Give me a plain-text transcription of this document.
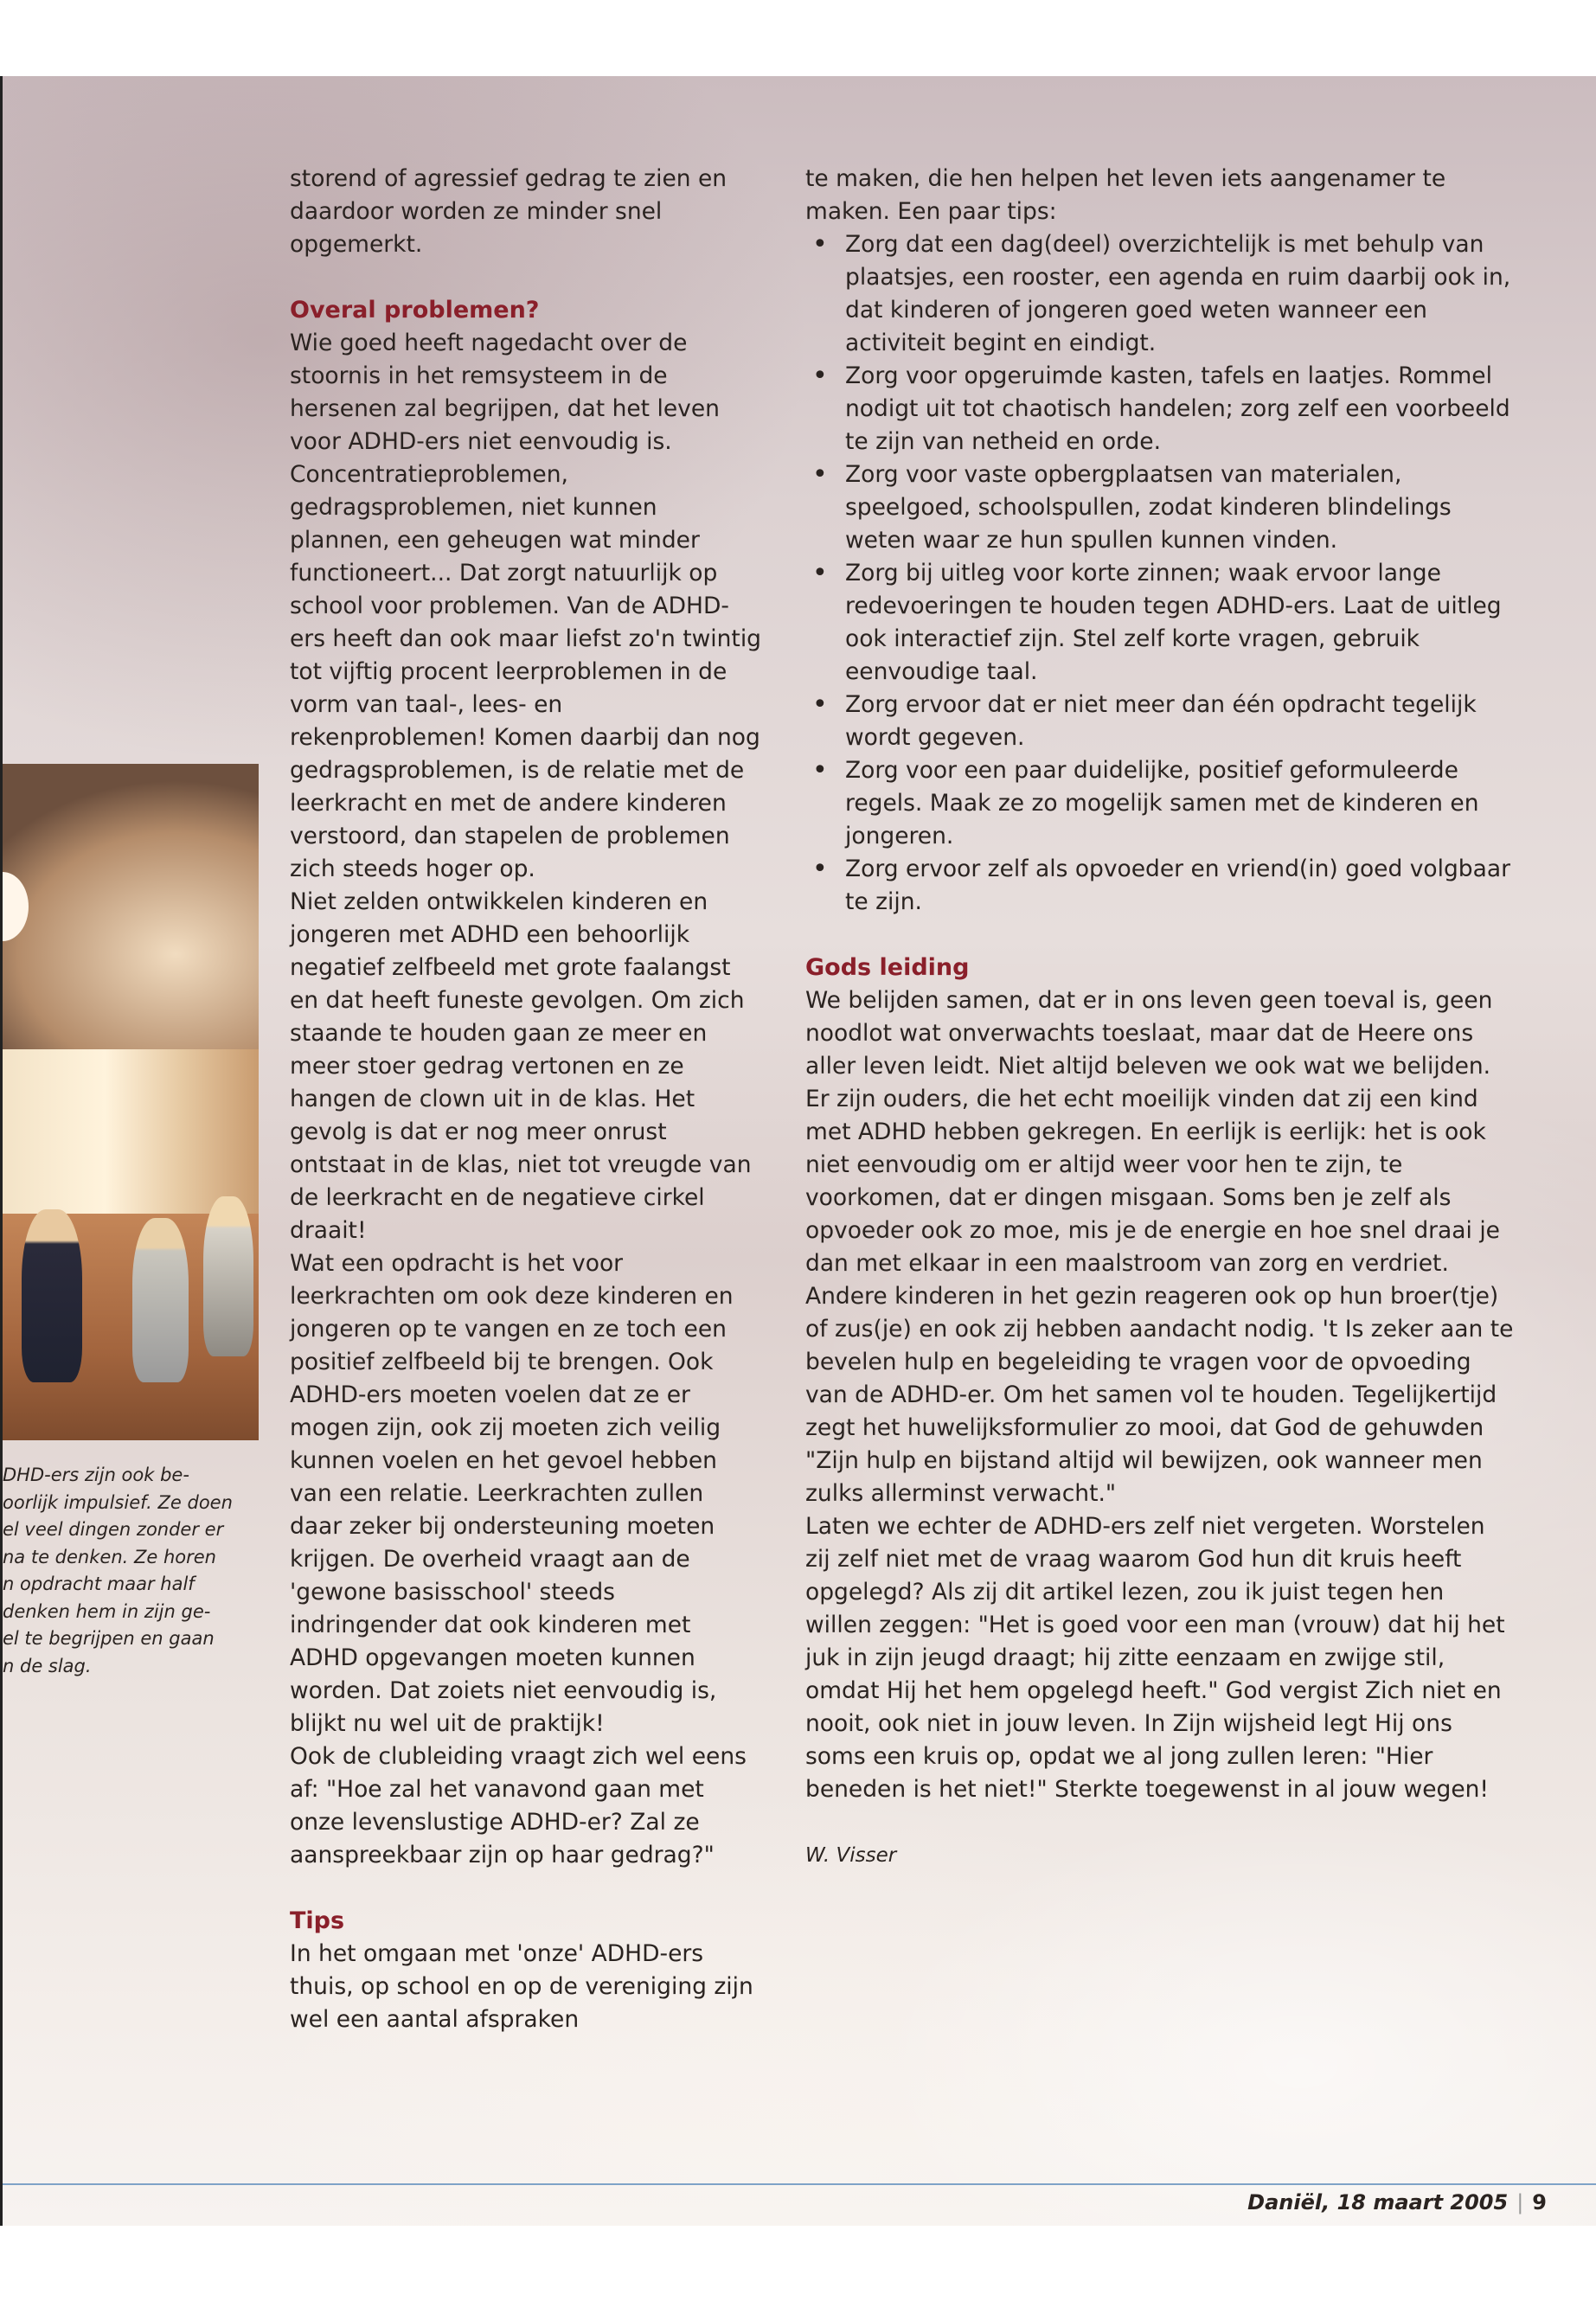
DHD-ers zijn ook be-
oorlijk impulsief. Ze doen
el veel dingen zonder er
na te denken. Ze horen
n opdracht maar half
denken hem in zijn ge-
el te begrijpen en gaan
n de slag.

storend of agressief gedrag te zien en daardoor worden ze minder snel opgemerkt.

Overal problemen?

Wie goed heeft nagedacht over de stoornis in het remsysteem in de hersenen zal begrijpen, dat het leven voor ADHD-ers niet eenvoudig is. Concentratieproblemen, gedragsproblemen, niet kunnen plannen, een geheugen wat minder functioneert... Dat zorgt natuurlijk op school voor problemen. Van de ADHD-ers heeft dan ook maar liefst zo'n twintig tot vijftig procent leerproblemen in de vorm van taal-, lees- en rekenproblemen! Komen daarbij dan nog gedragsproblemen, is de relatie met de leerkracht en met de andere kinderen verstoord, dan stapelen de problemen zich steeds hoger op.

Niet zelden ontwikkelen kinderen en jongeren met ADHD een behoorlijk negatief zelfbeeld met grote faalangst en dat heeft funeste gevolgen. Om zich staande te houden gaan ze meer en meer stoer gedrag vertonen en ze hangen de clown uit in de klas. Het gevolg is dat er nog meer onrust ontstaat in de klas, niet tot vreugde van de leerkracht en de negatieve cirkel draait!

Wat een opdracht is het voor leerkrachten om ook deze kinderen en jongeren op te vangen en ze toch een positief zelfbeeld bij te brengen. Ook ADHD-ers moeten voelen dat ze er mogen zijn, ook zij moeten zich veilig kunnen voelen en het gevoel hebben van een relatie. Leerkrachten zullen daar zeker bij ondersteuning moeten krijgen. De overheid vraagt aan de 'gewone basisschool' steeds indringender dat ook kinderen met ADHD opgevangen moeten kunnen worden. Dat zoiets niet eenvoudig is, blijkt nu wel uit de praktijk!

Ook de clubleiding vraagt zich wel eens af: "Hoe zal het vanavond gaan met onze levenslustige ADHD-er? Zal ze aanspreekbaar zijn op haar gedrag?"

Tips

In het omgaan met 'onze' ADHD-ers thuis, op school en op de vereniging zijn wel een aantal afspraken

te maken, die hen helpen het leven iets aangenamer te maken. Een paar tips:

• Zorg dat een dag(deel) overzichtelijk is met behulp van plaatsjes, een rooster, een agenda en ruim daarbij ook in, dat kinderen of jongeren goed weten wanneer een activiteit begint en eindigt.
• Zorg voor opgeruimde kasten, tafels en laatjes. Rommel nodigt uit tot chaotisch handelen; zorg zelf een voorbeeld te zijn van netheid en orde.
• Zorg voor vaste opbergplaatsen van materialen, speelgoed, schoolspullen, zodat kinderen blindelings weten waar ze hun spullen kunnen vinden.
• Zorg bij uitleg voor korte zinnen; waak ervoor lange redevoeringen te houden tegen ADHD-ers. Laat de uitleg ook interactief zijn. Stel zelf korte vragen, gebruik eenvoudige taal.
• Zorg ervoor dat er niet meer dan één opdracht tegelijk wordt gegeven.
• Zorg voor een paar duidelijke, positief geformuleerde regels. Maak ze zo mogelijk samen met de kinderen en jongeren.
• Zorg ervoor zelf als opvoeder en vriend(in) goed volgbaar te zijn.
Gods leiding

We belijden samen, dat er in ons leven geen toeval is, geen noodlot wat onverwachts toeslaat, maar dat de Heere ons aller leven leidt. Niet altijd beleven we ook wat we belijden. Er zijn ouders, die het echt moeilijk vinden dat zij een kind met ADHD hebben gekregen. En eerlijk is eerlijk: het is ook niet eenvoudig om er altijd weer voor hen te zijn, te voorkomen, dat er dingen misgaan. Soms ben je zelf als opvoeder ook zo moe, mis je de energie en hoe snel draai je dan met elkaar in een maalstroom van zorg en verdriet. Andere kinderen in het gezin reageren ook op hun broer(tje) of zus(je) en ook zij hebben aandacht nodig. 't Is zeker aan te bevelen hulp en begeleiding te vragen voor de opvoeding van de ADHD-er. Om het samen vol te houden. Tegelijkertijd zegt het huwelijksformulier zo mooi, dat God de gehuwden "Zijn hulp en bijstand altijd wil bewijzen, ook wanneer men zulks allerminst verwacht."

Laten we echter de ADHD-ers zelf niet vergeten. Worstelen zij zelf niet met de vraag waarom God hun dit kruis heeft opgelegd? Als zij dit artikel lezen, zou ik juist tegen hen willen zeggen: "Het is goed voor een man (vrouw) dat hij het juk in zijn jeugd draagt; hij zitte eenzaam en zwijge stil, omdat Hij het hem opgelegd heeft." God vergist Zich niet en nooit, ook niet in jouw leven. In Zijn wijsheid legt Hij ons soms een kruis op, opdat we al jong zullen leren: "Hier beneden is het niet!" Sterkte toegewenst in al jouw wegen!

W. Visser

Daniël, 18 maart 2005 | 9
